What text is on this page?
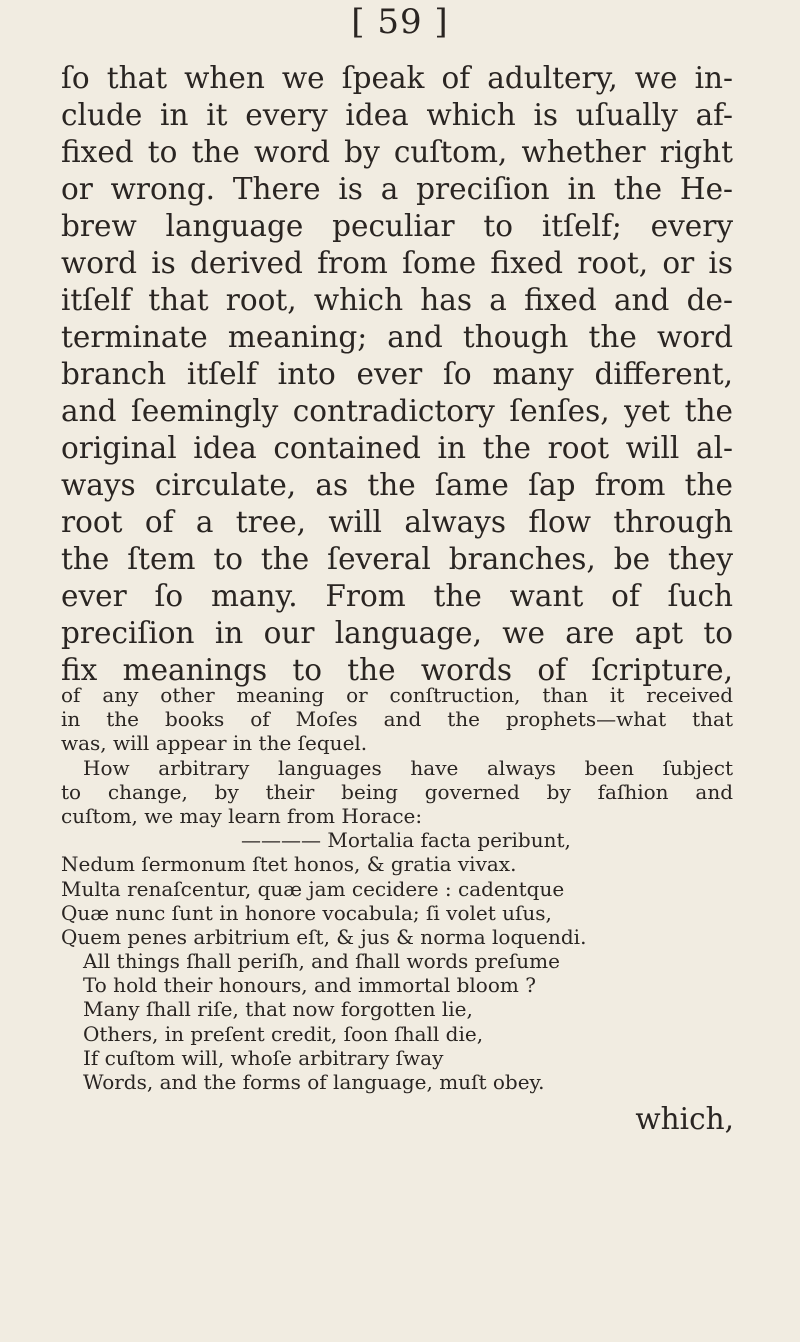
[ 59 ]
ſo that when we ſpeak of adultery, we in-
clude in it every idea which is uſually af-
fixed to the word by cuſtom, whether right
or wrong. There is a preciſion in the He-
brew language peculiar to itſelf; every
word is derived from ſome fixed root, or is
itſelf that root, which has a fixed and de-
terminate meaning; and though the word
branch itſelf into ever ſo many different,
and ſeemingly contradictory ſenſes, yet the
original idea contained in the root will al-
ways circulate, as the ſame ſap from the
root of a tree, will always flow through
the ſtem to the ſeveral branches, be they
ever ſo many. From the want of ſuch
preciſion in our language, we are apt to
fix meanings to the words of ſcripture,
of any other meaning or conſtruction, than it received
in the books of Moſes and the prophets—what that
was, will appear in the ſequel.
How arbitrary languages have always been ſubject
to change, by their being governed by faſhion and
cuſtom, we may learn from Horace:
———— Mortalia facta peribunt,
Nedum ſermonum ſtet honos, & gratia vivax.
Multa renaſcentur, quæ jam cecidere : cadentque
Quæ nunc ſunt in honore vocabula; ſi volet uſus,
Quem penes arbitrium eſt, & jus & norma loquendi.
All things ſhall periſh, and ſhall words preſume
To hold their honours, and immortal bloom ?
Many ſhall riſe, that now forgotten lie,
Others, in preſent credit, ſoon ſhall die,
If cuſtom will, whoſe arbitrary ſway
Words, and the forms of language, muſt obey.
which,
